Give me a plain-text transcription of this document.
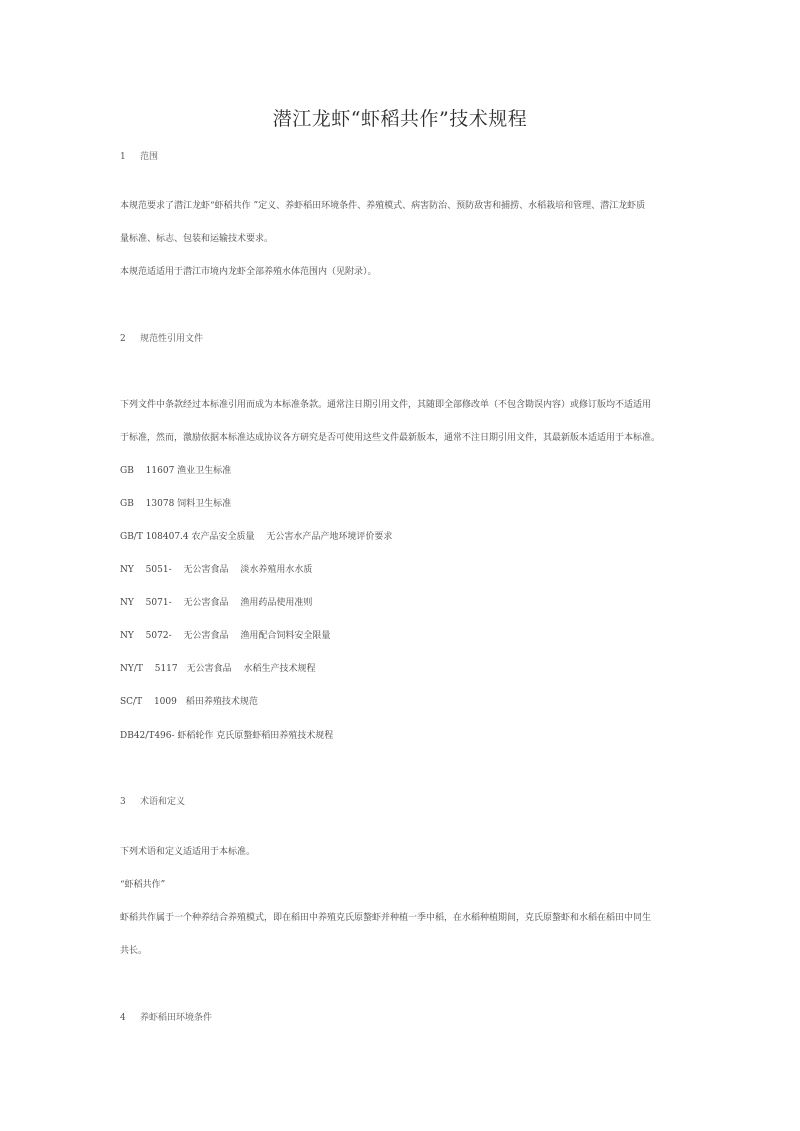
潜江龙虾“虾稻共作”技术规程
1 范围
本规范要求了潜江龙虾“虾稻共作 ”定义、养虾稻田环境条件、养殖模式、病害防治、预防敌害和捕捞、水稻栽培和管理、潜江龙虾质
量标准、标志、包装和运输技术要求。
本规范适适用于潜江市境内龙虾全部养殖水体范围内（见附录）。
2 规范性引用文件
下列文件中条款经过本标准引用而成为本标准条款。通常注日期引用文件，其随即全部修改单（不包含勘误内容）或修订版均不适适用
于标准，然而，激励依据本标准达成协议各方研究是否可使用这些文件最新版本，通常不注日期引用文件，其最新版本适适用于本标准。
GB　 11607 渔业卫生标准
GB　 13078 饲料卫生标准
GB/T 108407.4 农产品安全质量　 无公害水产品产地环境评价要求
NY　 5051-　 无公害食品　 淡水养殖用水水质
NY　 5071-　 无公害食品　 渔用药品使用准则
NY　 5072-　 无公害食品　 渔用配合饲料安全限量
NY/T　 5117　无公害食品　 水稻生产技术规程
SC/T　 1009　稻田养殖技术规范
DB42/T496- 虾稻轮作 克氏原螯虾稻田养殖技术规程
3 术语和定义
下列术语和定义适适用于本标准。
“虾稻共作”
虾稻共作属于一个种养结合养殖模式，即在稻田中养殖克氏原螯虾并种植一季中稻，在水稻种植期间，克氏原螯虾和水稻在稻田中同生
共长。
4 养虾稻田环境条件
